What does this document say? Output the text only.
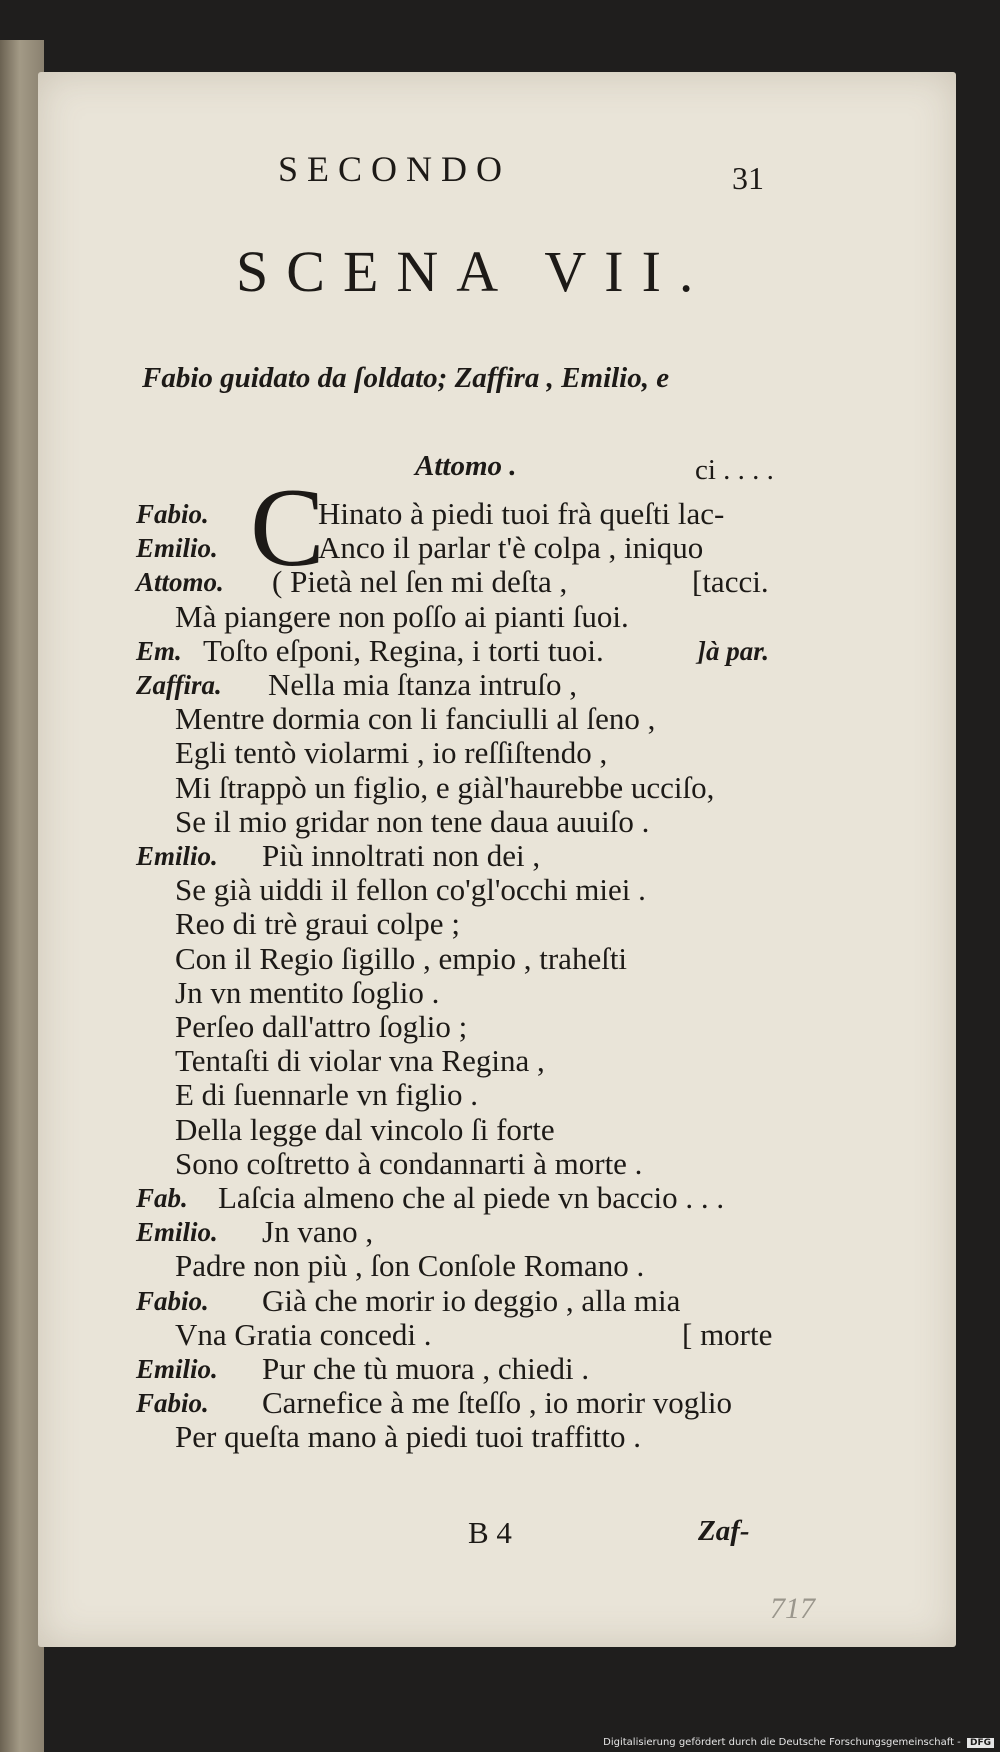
SECONDO	31
SCENA VII.
Fabio guidato da ſoldato; Zaffira , Emilio, e
Attomo .	ci . . . .
C
Fabio.	Hinato à piedi tuoi frà queſti lac-
Emilio.	Anco il parlar t'è colpa , iniquo
Attomo. ( Pietà nel ſen mi deſta ,	[tacci.
Mà piangere non poſſo ai pianti ſuoi.
Em. Toſto eſponi, Regina, i torti tuoi.	]à par.
Zaffira. Nella mia ſtanza intruſo ,
Mentre dormia con li fanciulli al ſeno ,
Egli tentò violarmi , io reſſiſtendo ,
Mi ſtrappò un figlio, e giàl'haurebbe ucciſo,
Se il mio gridar non tene daua auuiſo .
Emilio. Più innoltrati non dei ,
Se già uiddi il fellon co'gl'occhi miei .
Reo di trè graui colpe ;
Con il Regio ſigillo , empio , traheſti
Jn vn mentito ſoglio .
Perſeo dall'attro ſoglio ;
Tentaſti di violar vna Regina ,
E di ſuennarle vn figlio .
Della legge dal vincolo ſi forte
Sono coſtretto à condannarti à morte .
Fab. Laſcia almeno che al piede vn baccio . . .
Emilio. Jn vano ,
Padre non più , ſon Conſole Romano .
Fabio. Già che morir io deggio , alla mia
Vna Gratia concedi .	[ morte
Emilio. Pur che tù muora , chiedi .
Fabio. Carnefice à me ſteſſo , io morir voglio
Per queſta mano à piedi tuoi traffitto .
B 4	Zaf-
717
Digitalisierung gefördert durch die Deutsche Forschungsgemeinschaft - DFG
